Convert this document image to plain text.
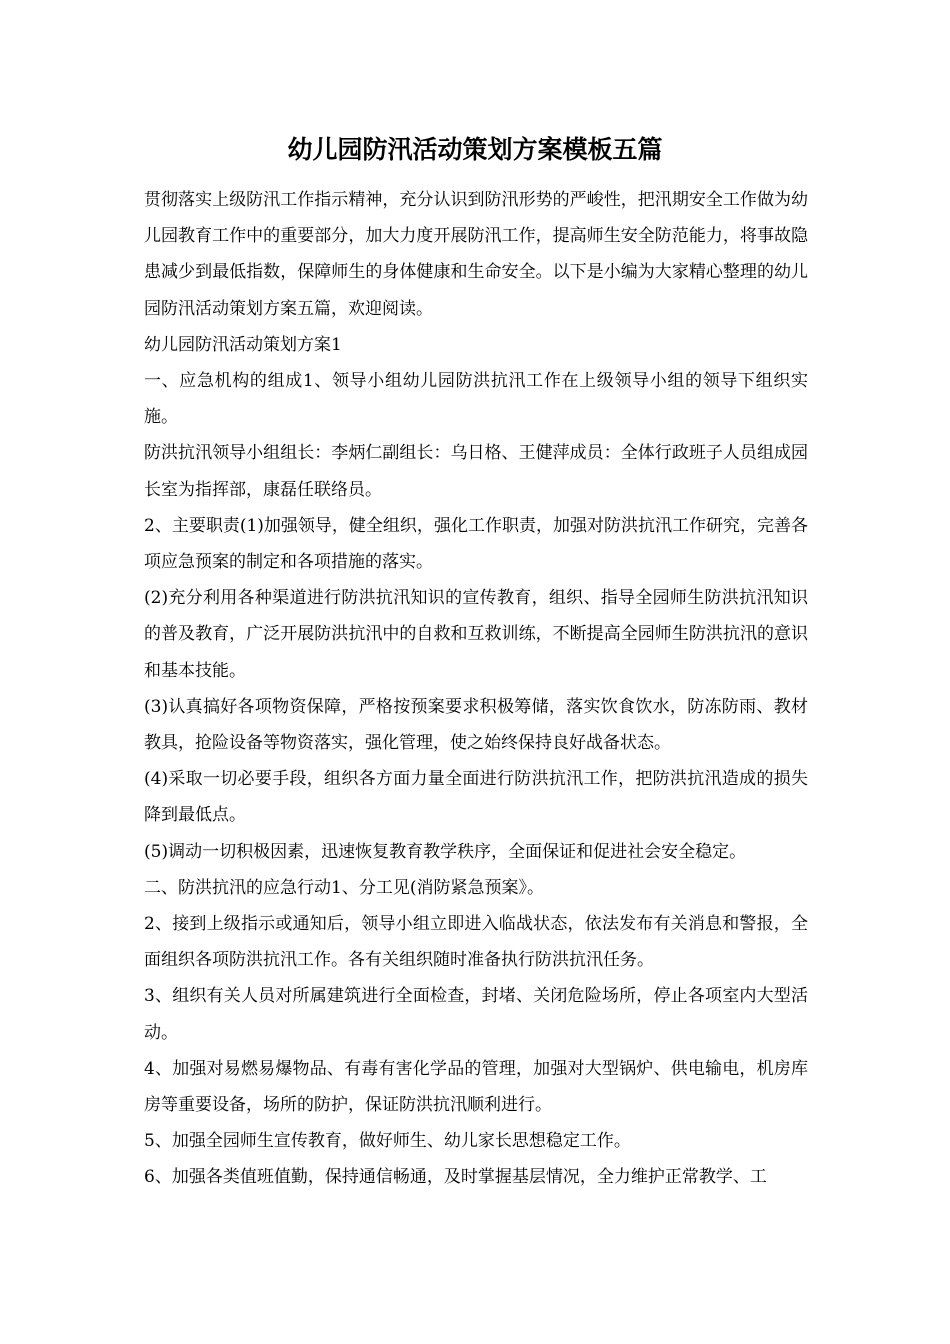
幼儿园防汛活动策划方案模板五篇

贯彻落实上级防汛工作指示精神，充分认识到防汛形势的严峻性，把汛期安全工作做为幼儿园教育工作中的重要部分，加大力度开展防汛工作，提高师生安全防范能力，将事故隐患减少到最低指数，保障师生的身体健康和生命安全。以下是小编为大家精心整理的幼儿园防汛活动策划方案五篇，欢迎阅读。

幼儿园防汛活动策划方案1

一、应急机构的组成1、领导小组幼儿园防洪抗汛工作在上级领导小组的领导下组织实施。

防洪抗汛领导小组组长：李炳仁副组长：乌日格、王健萍成员：全体行政班子人员组成园长室为指挥部，康磊任联络员。

2、主要职责(1)加强领导，健全组织，强化工作职责，加强对防洪抗汛工作研究，完善各项应急预案的制定和各项措施的落实。

(2)充分利用各种渠道进行防洪抗汛知识的宣传教育，组织、指导全园师生防洪抗汛知识的普及教育，广泛开展防洪抗汛中的自救和互救训练，不断提高全园师生防洪抗汛的意识和基本技能。

(3)认真搞好各项物资保障，严格按预案要求积极筹储，落实饮食饮水，防冻防雨、教材教具，抢险设备等物资落实，强化管理，使之始终保持良好战备状态。

(4)采取一切必要手段，组织各方面力量全面进行防洪抗汛工作，把防洪抗汛造成的损失降到最低点。

(5)调动一切积极因素，迅速恢复教育教学秩序，全面保证和促进社会安全稳定。

二、防洪抗汛的应急行动1、分工见(消防紧急预案》。

2、接到上级指示或通知后，领导小组立即进入临战状态，依法发布有关消息和警报，全面组织各项防洪抗汛工作。各有关组织随时准备执行防洪抗汛任务。

3、组织有关人员对所属建筑进行全面检查，封堵、关闭危险场所，停止各项室内大型活动。

4、加强对易燃易爆物品、有毒有害化学品的管理，加强对大型锅炉、供电输电，机房库房等重要设备，场所的防护，保证防洪抗汛顺利进行。

5、加强全园师生宣传教育，做好师生、幼儿家长思想稳定工作。

6、加强各类值班值勤，保持通信畅通，及时掌握基层情况，全力维护正常教学、工
